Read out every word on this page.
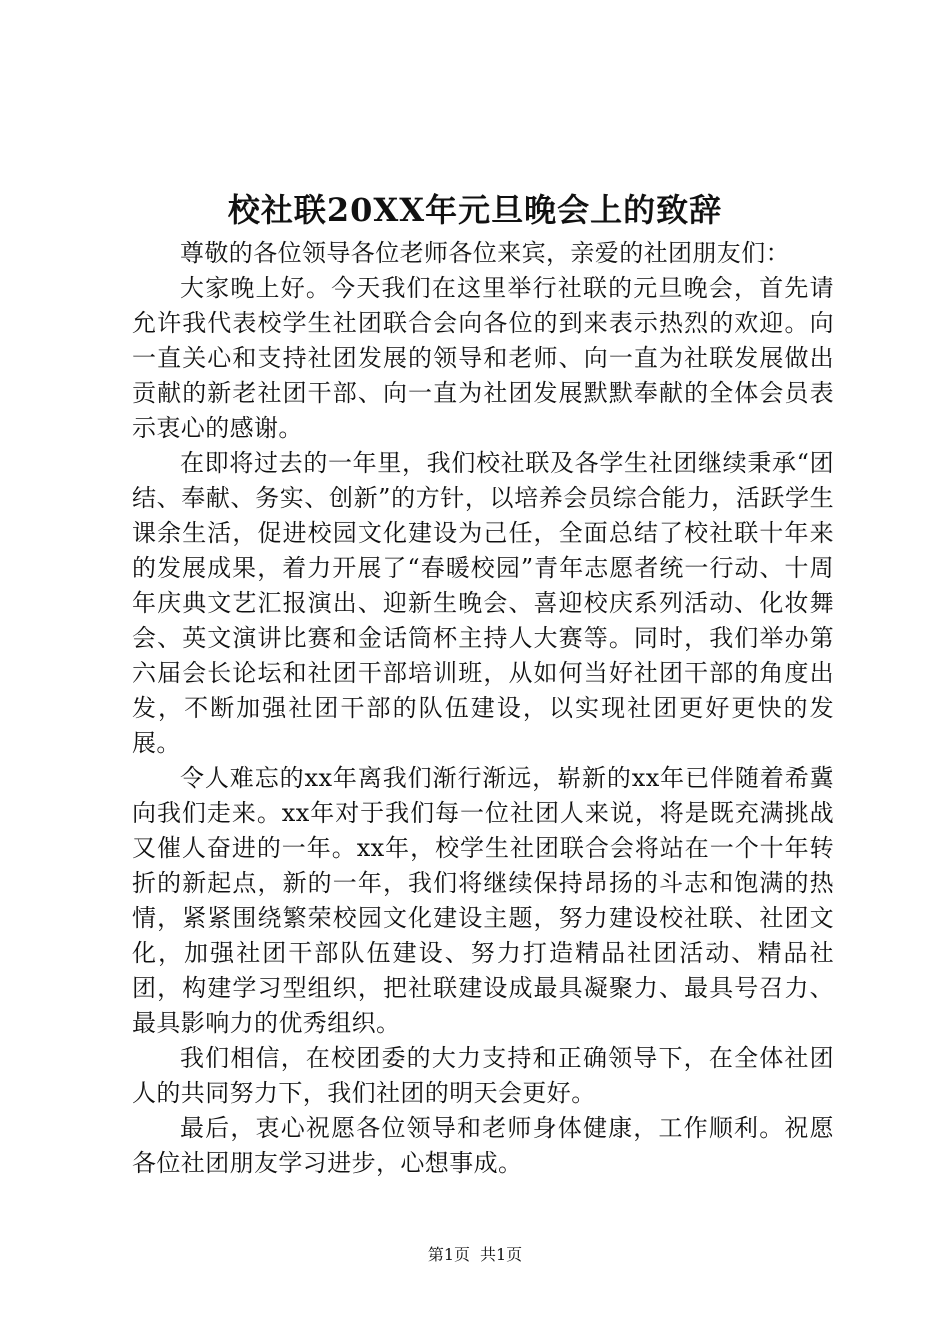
校社联20XX年元旦晚会上的致辞

尊敬的各位领导各位老师各位来宾，亲爱的社团朋友们：

大家晚上好。今天我们在这里举行社联的元旦晚会，首先请允许我代表校学生社团联合会向各位的到来表示热烈的欢迎。向一直关心和支持社团发展的领导和老师、向一直为社联发展做出贡献的新老社团干部、向一直为社团发展默默奉献的全体会员表示衷心的感谢。

在即将过去的一年里，我们校社联及各学生社团继续秉承“团结、奉献、务实、创新”的方针，以培养会员综合能力，活跃学生课余生活，促进校园文化建设为己任，全面总结了校社联十年来的发展成果，着力开展了“春暖校园”青年志愿者统一行动、十周年庆典文艺汇报演出、迎新生晚会、喜迎校庆系列活动、化妆舞会、英文演讲比赛和金话筒杯主持人大赛等。同时，我们举办第六届会长论坛和社团干部培训班，从如何当好社团干部的角度出发，不断加强社团干部的队伍建设，以实现社团更好更快的发展。

令人难忘的xx年离我们渐行渐远，崭新的xx年已伴随着希冀向我们走来。xx年对于我们每一位社团人来说，将是既充满挑战又催人奋进的一年。xx年，校学生社团联合会将站在一个十年转折的新起点，新的一年，我们将继续保持昂扬的斗志和饱满的热情，紧紧围绕繁荣校园文化建设主题，努力建设校社联、社团文化，加强社团干部队伍建设、努力打造精品社团活动、精品社团，构建学习型组织，把社联建设成最具凝聚力、最具号召力、最具影响力的优秀组织。

我们相信，在校团委的大力支持和正确领导下，在全体社团人的共同努力下，我们社团的明天会更好。

最后，衷心祝愿各位领导和老师身体健康，工作顺利。祝愿各位社团朋友学习进步，心想事成。

第1页 共1页
